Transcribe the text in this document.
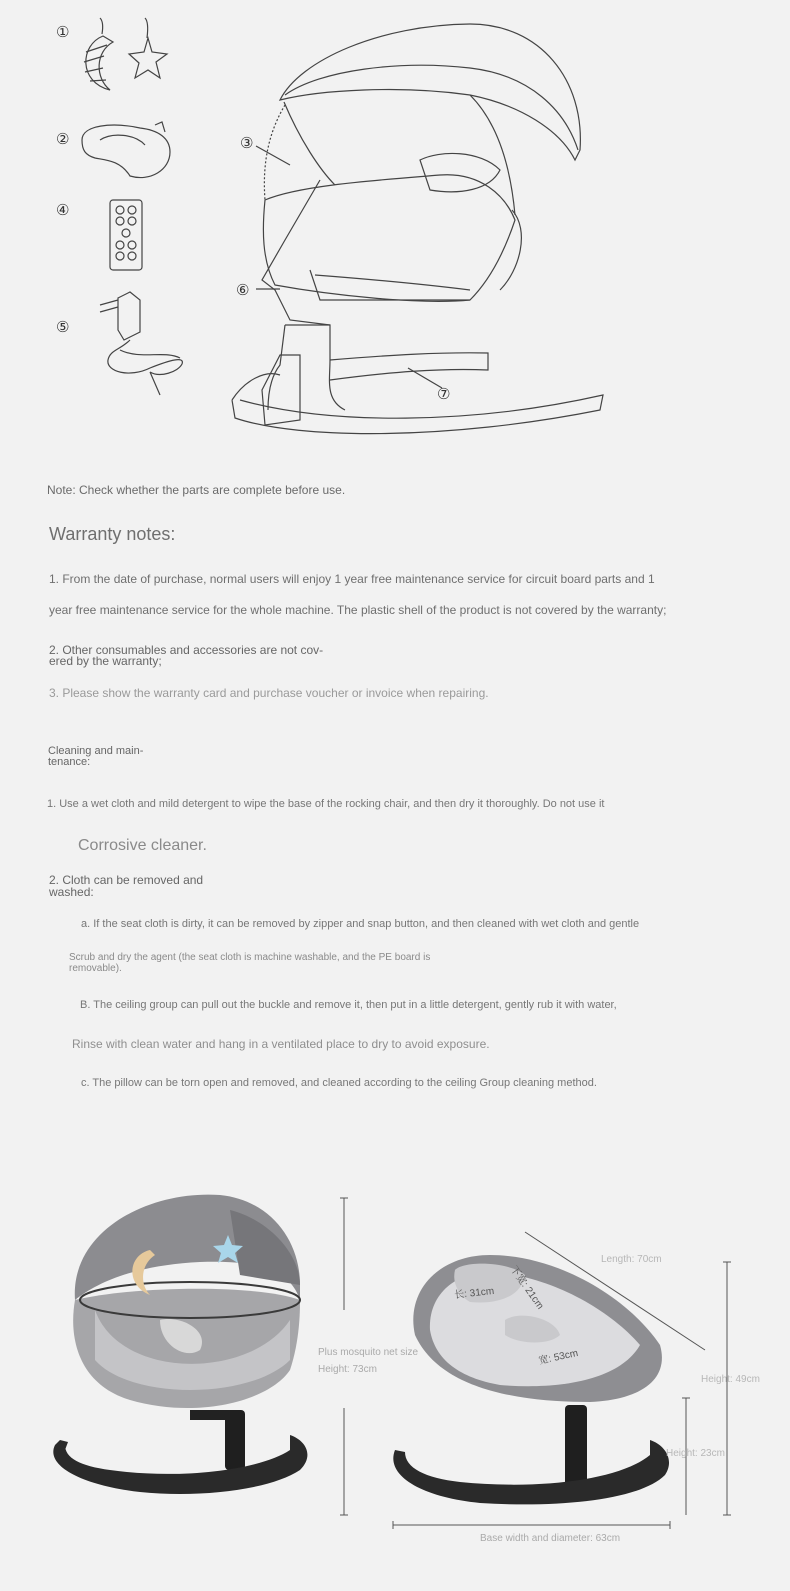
①
②	③
④
⑤
⑥
⑦
Note: Check whether the parts are complete before use.
Warranty notes:
1. From the date of purchase, normal users will enjoy 1 year free maintenance service for circuit board parts and 1
year free maintenance service for the whole machine. The plastic shell of the product is not covered by the warranty;
2. Other consumables and accessories are not cov-
ered by the warranty;
3. Please show the warranty card and purchase voucher or invoice when repairing.
Cleaning and main-
tenance:
1. Use a wet cloth and mild detergent to wipe the base of the rocking chair, and then dry it thoroughly. Do not use it
Corrosive cleaner.
2. Cloth can be removed and
washed:
a. If the seat cloth is dirty, it can be removed by zipper and snap button, and then cleaned with wet cloth and gentle
Scrub and dry the agent (the seat cloth is machine washable, and the PE board is
removable).
B. The ceiling group can pull out the buckle and remove it, then put in a little detergent, gently rub it with water,
Rinse with clean water and hang in a ventilated place to dry to avoid exposure.
c. The pillow can be torn open and removed, and cleaned according to the ceiling Group cleaning method.
Plus mosquito net size
Height: 73cm
Length: 70cm
Height: 49cm
Height: 23cm
Base width and diameter: 63cm
长: 31cm
宽: 53cm
下宽: 21cm
